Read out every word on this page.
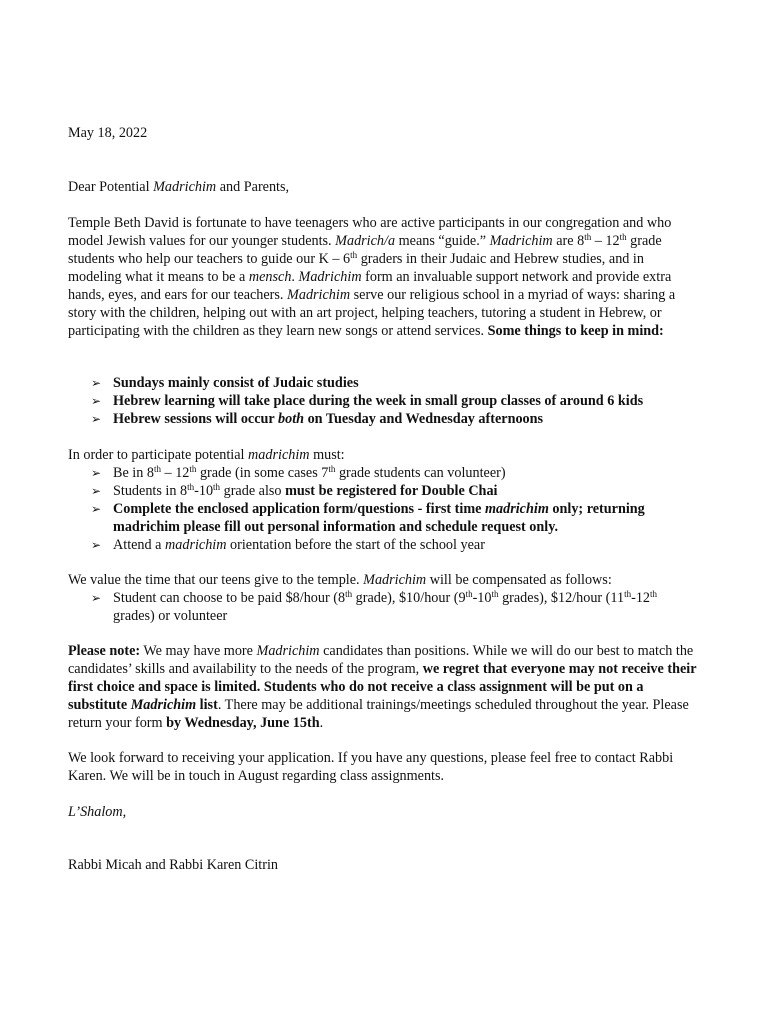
May 18, 2022

Dear Potential Madrichim and Parents,

Temple Beth David is fortunate to have teenagers who are active participants in our congregation and who model Jewish values for our younger students. Madrich/a means “guide.” Madrichim are 8th – 12th grade students who help our teachers to guide our K – 6th graders in their Judaic and Hebrew studies, and in modeling what it means to be a mensch. Madrichim form an invaluable support network and provide extra hands, eyes, and ears for our teachers. Madrichim serve our religious school in a myriad of ways: sharing a story with the children, helping out with an art project, helping teachers, tutoring a student in Hebrew, or participating with the children as they learn new songs or attend services. Some things to keep in mind:

➢ Sundays mainly consist of Judaic studies
➢ Hebrew learning will take place during the week in small group classes of around 6 kids
➢ Hebrew sessions will occur both on Tuesday and Wednesday afternoons

In order to participate potential madrichim must:

➢ Be in 8th – 12th grade (in some cases 7th grade students can volunteer)
➢ Students in 8th-10th grade also must be registered for Double Chai
➢ Complete the enclosed application form/questions - first time madrichim only; returning madrichim please fill out personal information and schedule request only.
➢ Attend a madrichim orientation before the start of the school year

We value the time that our teens give to the temple. Madrichim will be compensated as follows:

➢ Student can choose to be paid $8/hour (8th grade), $10/hour (9th-10th grades), $12/hour (11th-12th grades) or volunteer

Please note: We may have more Madrichim candidates than positions. While we will do our best to match the candidates’ skills and availability to the needs of the program, we regret that everyone may not receive their first choice and space is limited. Students who do not receive a class assignment will be put on a substitute Madrichim list. There may be additional trainings/meetings scheduled throughout the year. Please return your form by Wednesday, June 15th.

We look forward to receiving your application. If you have any questions, please feel free to contact Rabbi Karen. We will be in touch in August regarding class assignments.

L’Shalom,

Rabbi Micah and Rabbi Karen Citrin
